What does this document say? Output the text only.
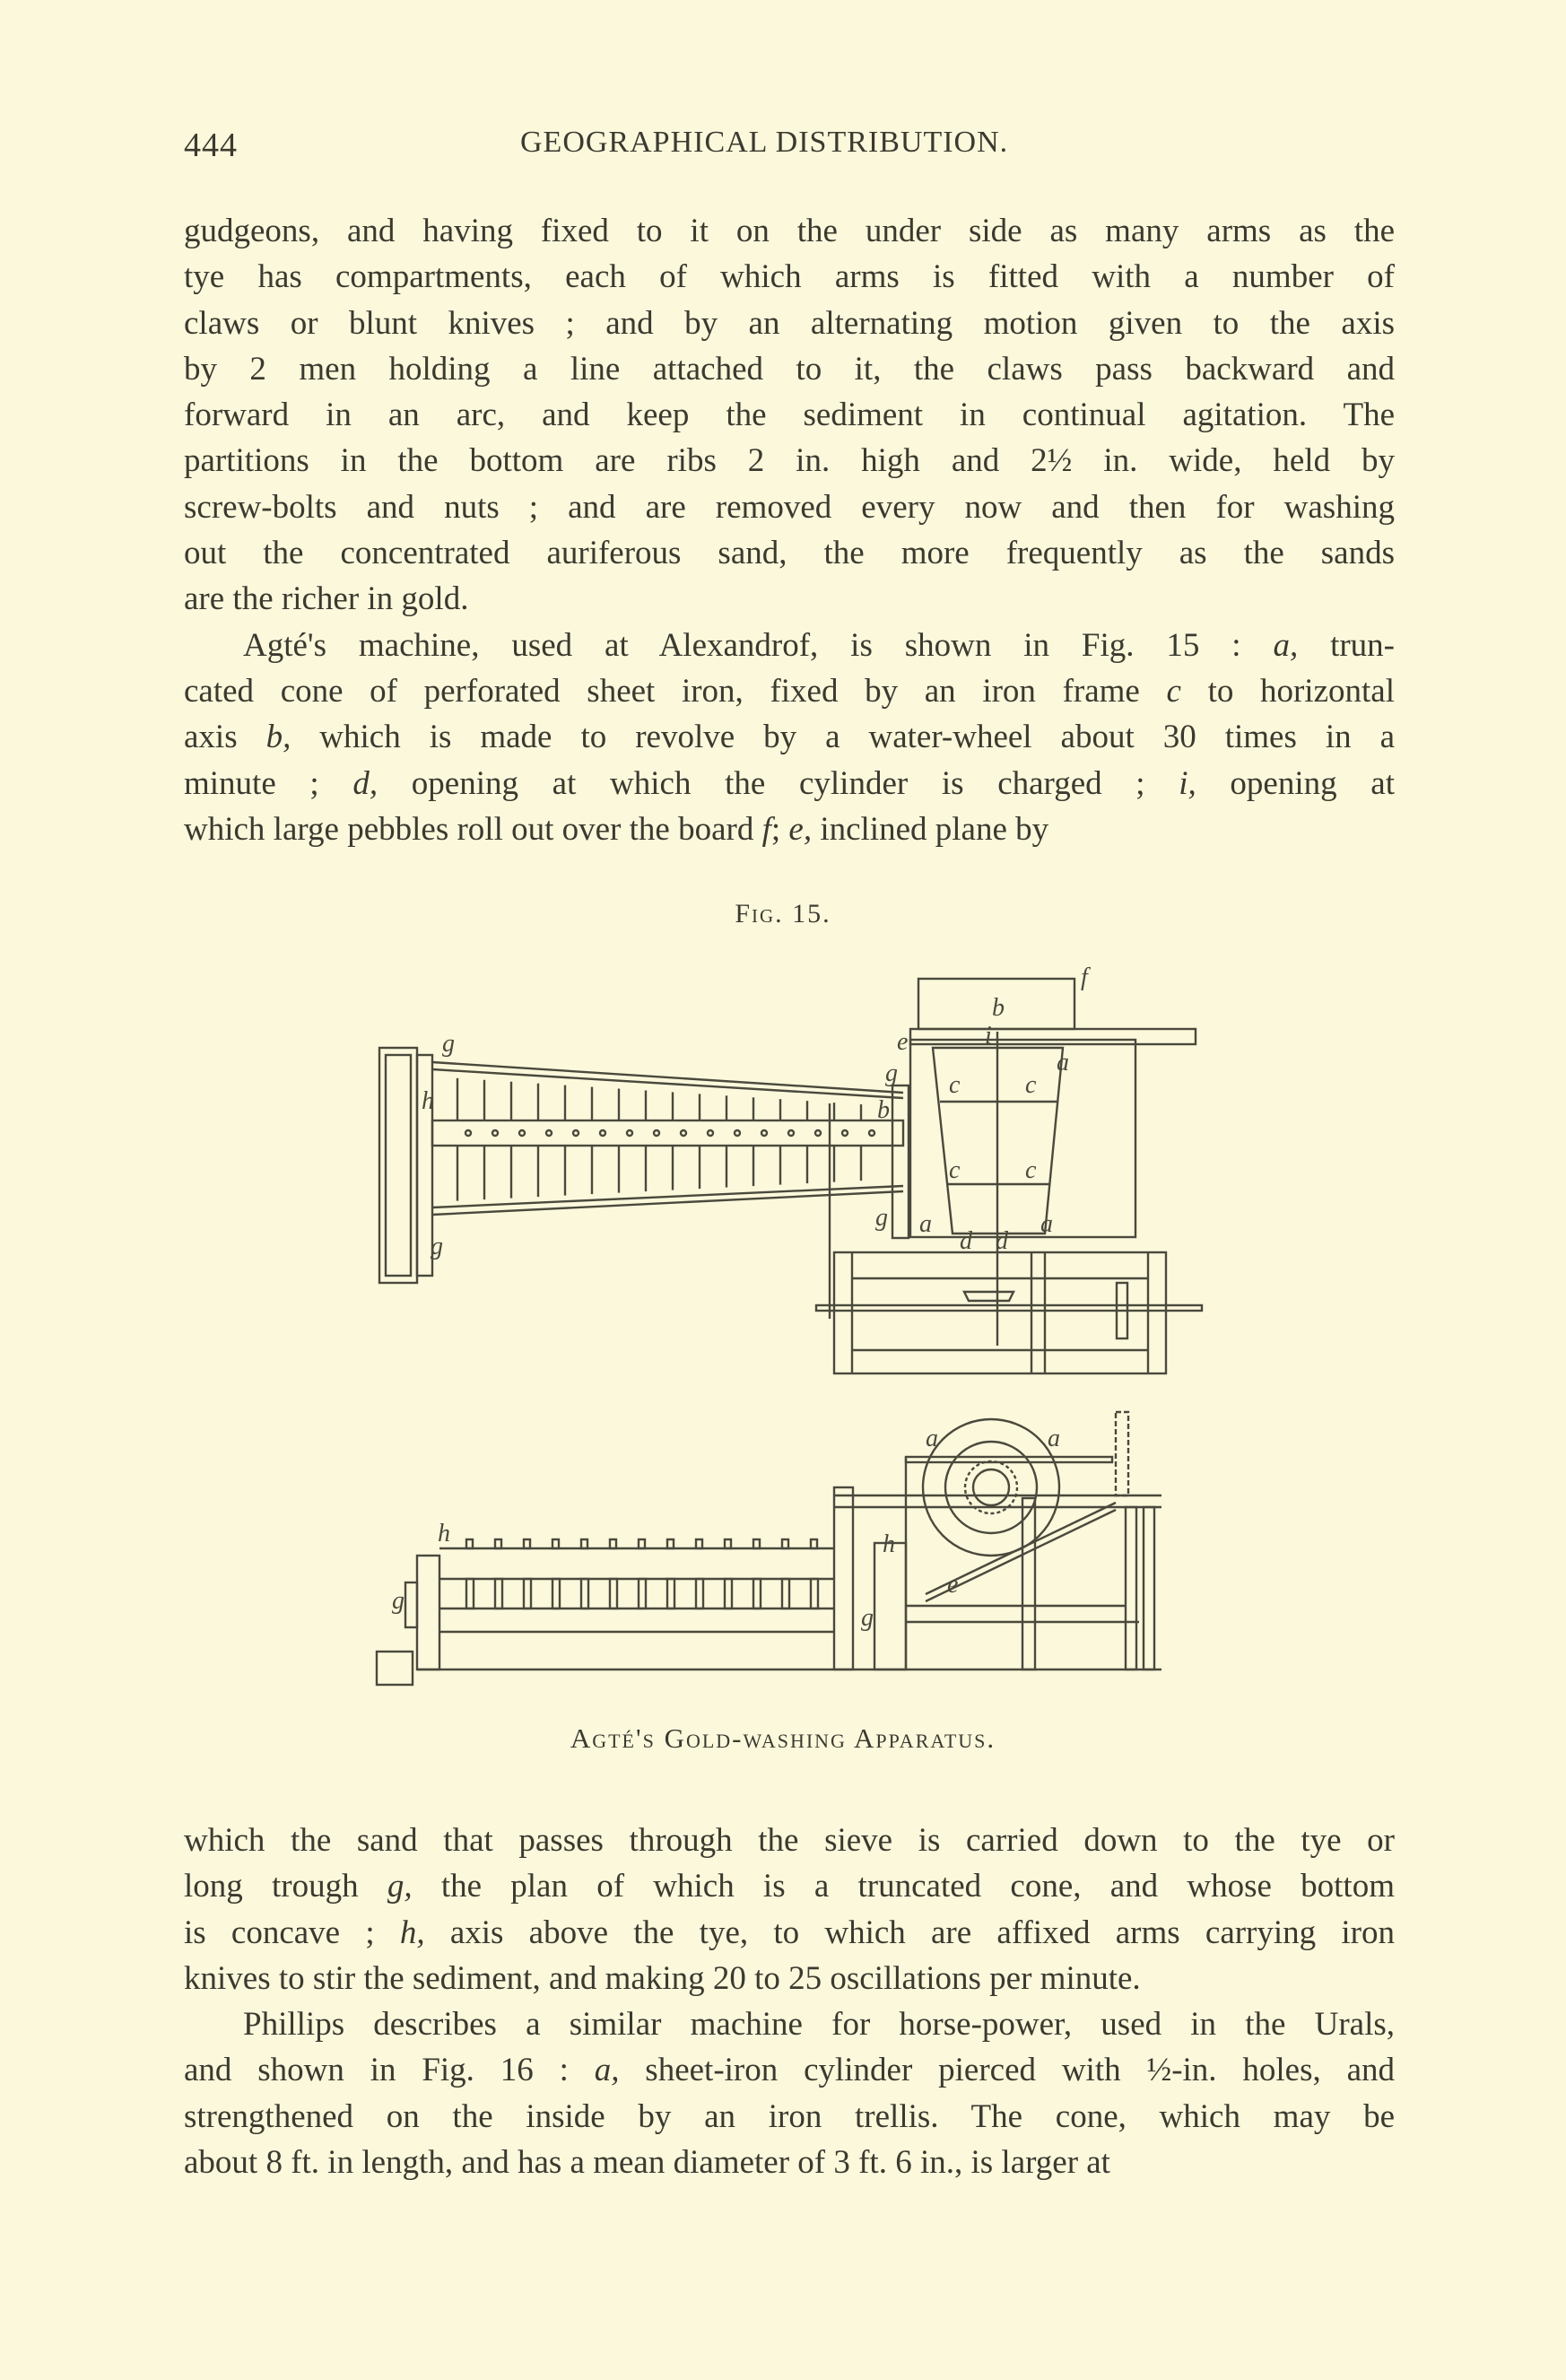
444	GEOGRAPHICAL DISTRIBUTION.
gudgeons, and having fixed to it on the under side as many arms as the
tye has compartments, each of which arms is fitted with a number of
claws or blunt knives ; and by an alternating motion given to the axis
by 2 men holding a line attached to it, the claws pass backward and
forward in an arc, and keep the sediment in continual agitation. The
partitions in the bottom are ribs 2 in. high and 2½ in. wide, held by
screw-bolts and nuts ; and are removed every now and then for washing
out the concentrated auriferous sand, the more frequently as the sands
are the richer in gold.
Agté's machine, used at Alexandrof, is shown in Fig. 15 : a, trun-
cated cone of perforated sheet iron, fixed by an iron frame c to horizontal
axis b, which is made to revolve by a water-wheel about 30 times in a
minute ; d, opening at which the cylinder is charged ; i, opening at
which large pebbles roll out over the board f; e, inclined plane by
Fig. 15.
f
b
e	i
g
g
g
g
h	b
a
c	c
c	c
a	a
d d
a	a
h	h
g
g
e
Agté's Gold-washing Apparatus.
which the sand that passes through the sieve is carried down to the tye or
long trough g, the plan of which is a truncated cone, and whose bottom
is concave ; h, axis above the tye, to which are affixed arms carrying iron
knives to stir the sediment, and making 20 to 25 oscillations per minute.
Phillips describes a similar machine for horse-power, used in the Urals,
and shown in Fig. 16 : a, sheet-iron cylinder pierced with ½-in. holes, and
strengthened on the inside by an iron trellis. The cone, which may be
about 8 ft. in length, and has a mean diameter of 3 ft. 6 in., is larger at
